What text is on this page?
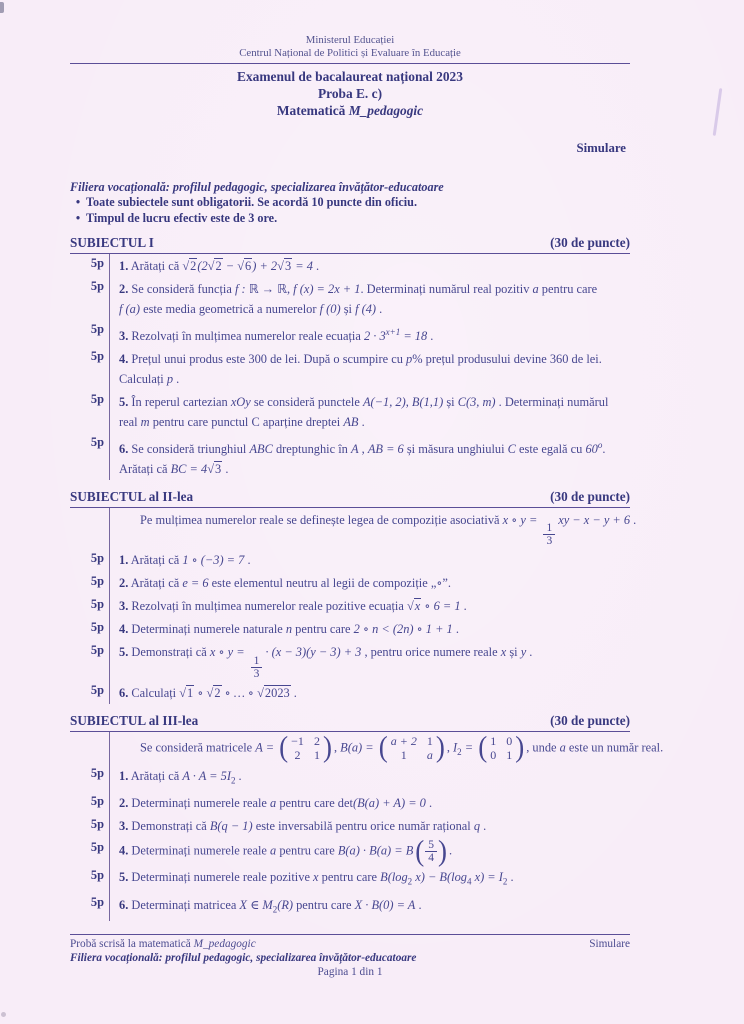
Ministerul Educației
Centrul Național de Politici și Evaluare în Educație
Examenul de bacalaureat național 2023
Proba E. c)
Matematică M_pedagogic
Simulare
Filiera vocațională: profilul pedagogic, specializarea învățător-educatoare
• Toate subiectele sunt obligatorii. Se acordă 10 puncte din oficiu.
• Timpul de lucru efectiv este de 3 ore.
SUBIECTUL I	(30 de puncte)
5p	1. Arătați că √2(2√2 − √6) + 2√3 = 4 .
5p	2. Se consideră funcția f : ℝ → ℝ, f (x) = 2x + 1. Determinați numărul real pozitiv a pentru care
f (a) este media geometrică a numerelor f (0) și f (4) .
5p	3. Rezolvați în mulțimea numerelor reale ecuația $2 \cdot 3^{x+1} = 18$ .
5p	4. Prețul unui produs este 300 de lei. După o scumpire cu p% prețul produsului devine 360 de lei.
Calculați p .
5p	5. În reperul cartezian xOy se consideră punctele A(−1, 2), B(1,1) și C(3, m) . Determinați numărul
real m pentru care punctul C aparține dreptei AB .
5p	6. Se consideră triunghiul ABC dreptunghic în A , AB = 6 și măsura unghiului C este egală cu 60$^o$.
Arătați că BC = 4√3 .
SUBIECTUL al II-lea	(30 de puncte)
Pe mulțimea numerelor reale se definește legea de compoziție asociativă x ∘ y =
$\frac{1}{3}$
xy − x − y + 6 .
5p	1. Arătați că 1 ∘ (−3) = 7 .
5p	2. Arătați că e = 6 este elementul neutru al legii de compoziție „∘”.
5p	3. Rezolvați în mulțimea numerelor reale pozitive ecuația √x ∘ 6 = 1 .
5p	4. Determinați numerele naturale n pentru care 2 ∘ n < (2n) ∘ 1 + 1 .
5p	5. Demonstrați că x ∘ y =
$\frac{1}{3}$
· (x − 3)(y − 3) + 3 , pentru orice numere reale x și y .
5p	6. Calculați √1 ∘ √2 ∘ … ∘ √2023 .
SUBIECTUL al III-lea	(30 de puncte)
Se consideră matricele A = ( −1 2
2 1 ) , B(a) = ( a + 2 1
1	a ) , $I_2$ = ( 1 0
0 1 ) , unde a este un număr real.
5p	1. Arătați că $A \cdot A = 5I_2$ .
5p	2. Determinați numerele reale a pentru care det(B(a) + A) = 0 .
5p	3. Demonstrați că B(q − 1) este inversabilă pentru orice număr rațional q .
5p	4. Determinați numerele reale a pentru care B(a) · B(a) = B ( 5
4 ) .
5p	5. Determinați numerele reale pozitive x pentru care $B(\log_2$ $x) - B(\log_4$ $x) = I_2$ .
5p	6. Determinați matricea X ∈ $M_2(R)$ pentru care X · B(0) = A .
Probă scrisă la matematică M_pedagogic	Simulare
Filiera vocațională: profilul pedagogic, specializarea învățător-educatoare
Pagina 1 din 1
